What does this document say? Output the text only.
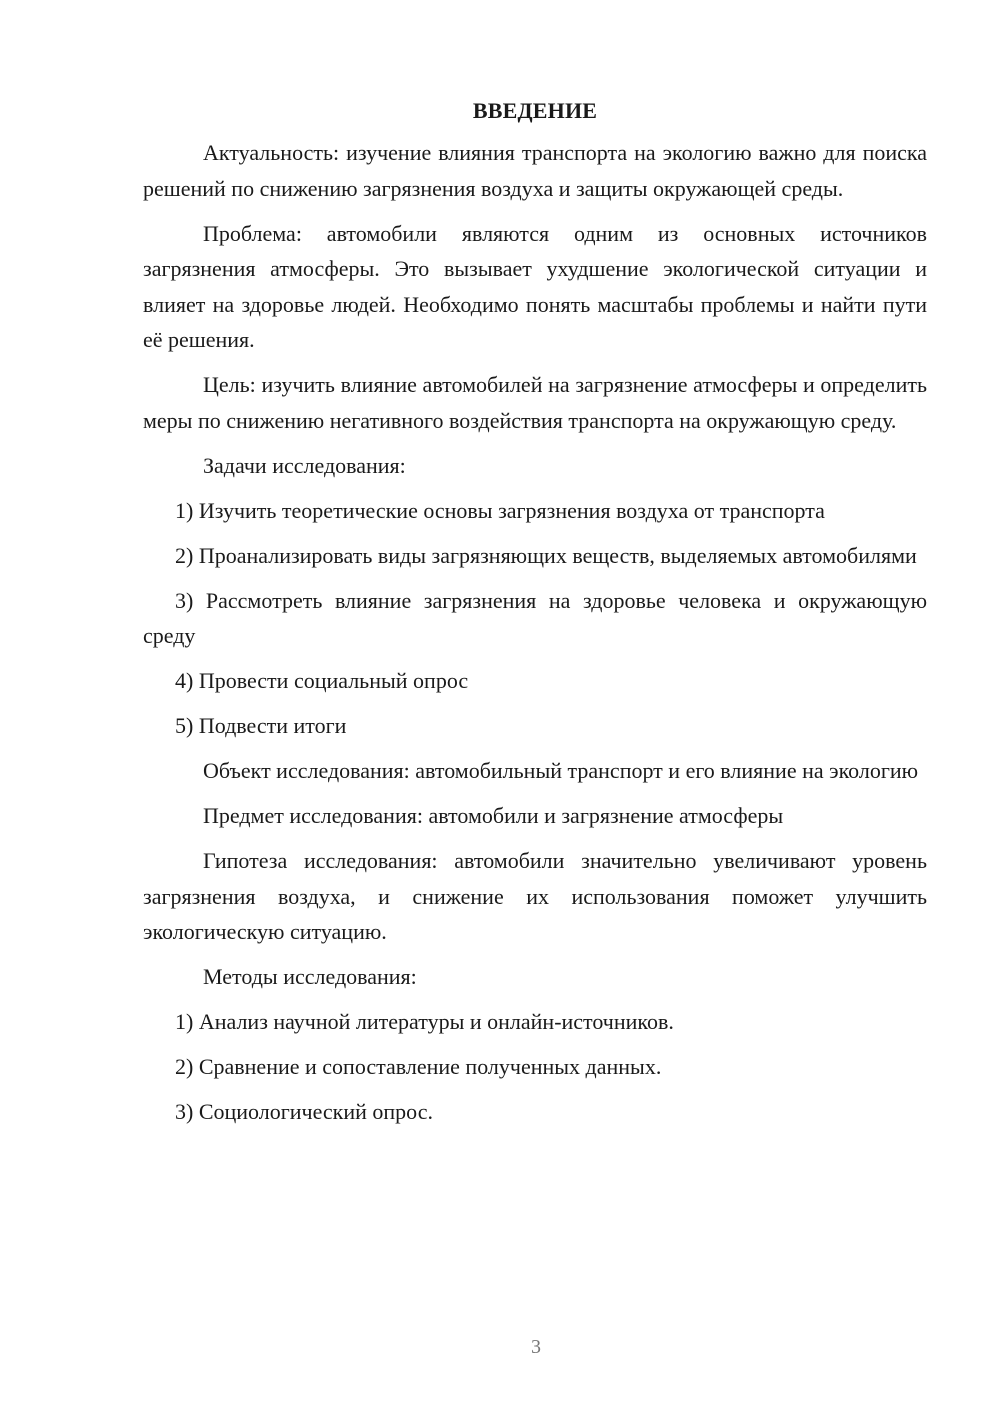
ВВЕДЕНИЕ

Актуальность: изучение влияния транспорта на экологию важно для поиска решений по снижению загрязнения воздуха и защиты окружающей среды.

Проблема: автомобили являются одним из основных источников загрязнения атмосферы. Это вызывает ухудшение экологической ситуации и влияет на здоровье людей. Необходимо понять масштабы проблемы и найти пути её решения.

Цель: изучить влияние автомобилей на загрязнение атмосферы и определить меры по снижению негативного воздействия транспорта на окружающую среду.

Задачи исследования:

1) Изучить теоретические основы загрязнения воздуха от транспорта

2) Проанализировать виды загрязняющих веществ, выделяемых автомобилями

3) Рассмотреть влияние загрязнения на здоровье человека и окружающую среду

4) Провести социальный опрос

5) Подвести итоги

Объект исследования: автомобильный транспорт и его влияние на экологию

Предмет исследования: автомобили и загрязнение атмосферы

Гипотеза исследования: автомобили значительно увеличивают уровень загрязнения воздуха, и снижение их использования поможет улучшить экологическую ситуацию.

Методы исследования:

1) Анализ научной литературы и онлайн-источников.

2) Сравнение и сопоставление полученных данных.

3) Социологический опрос.

3
